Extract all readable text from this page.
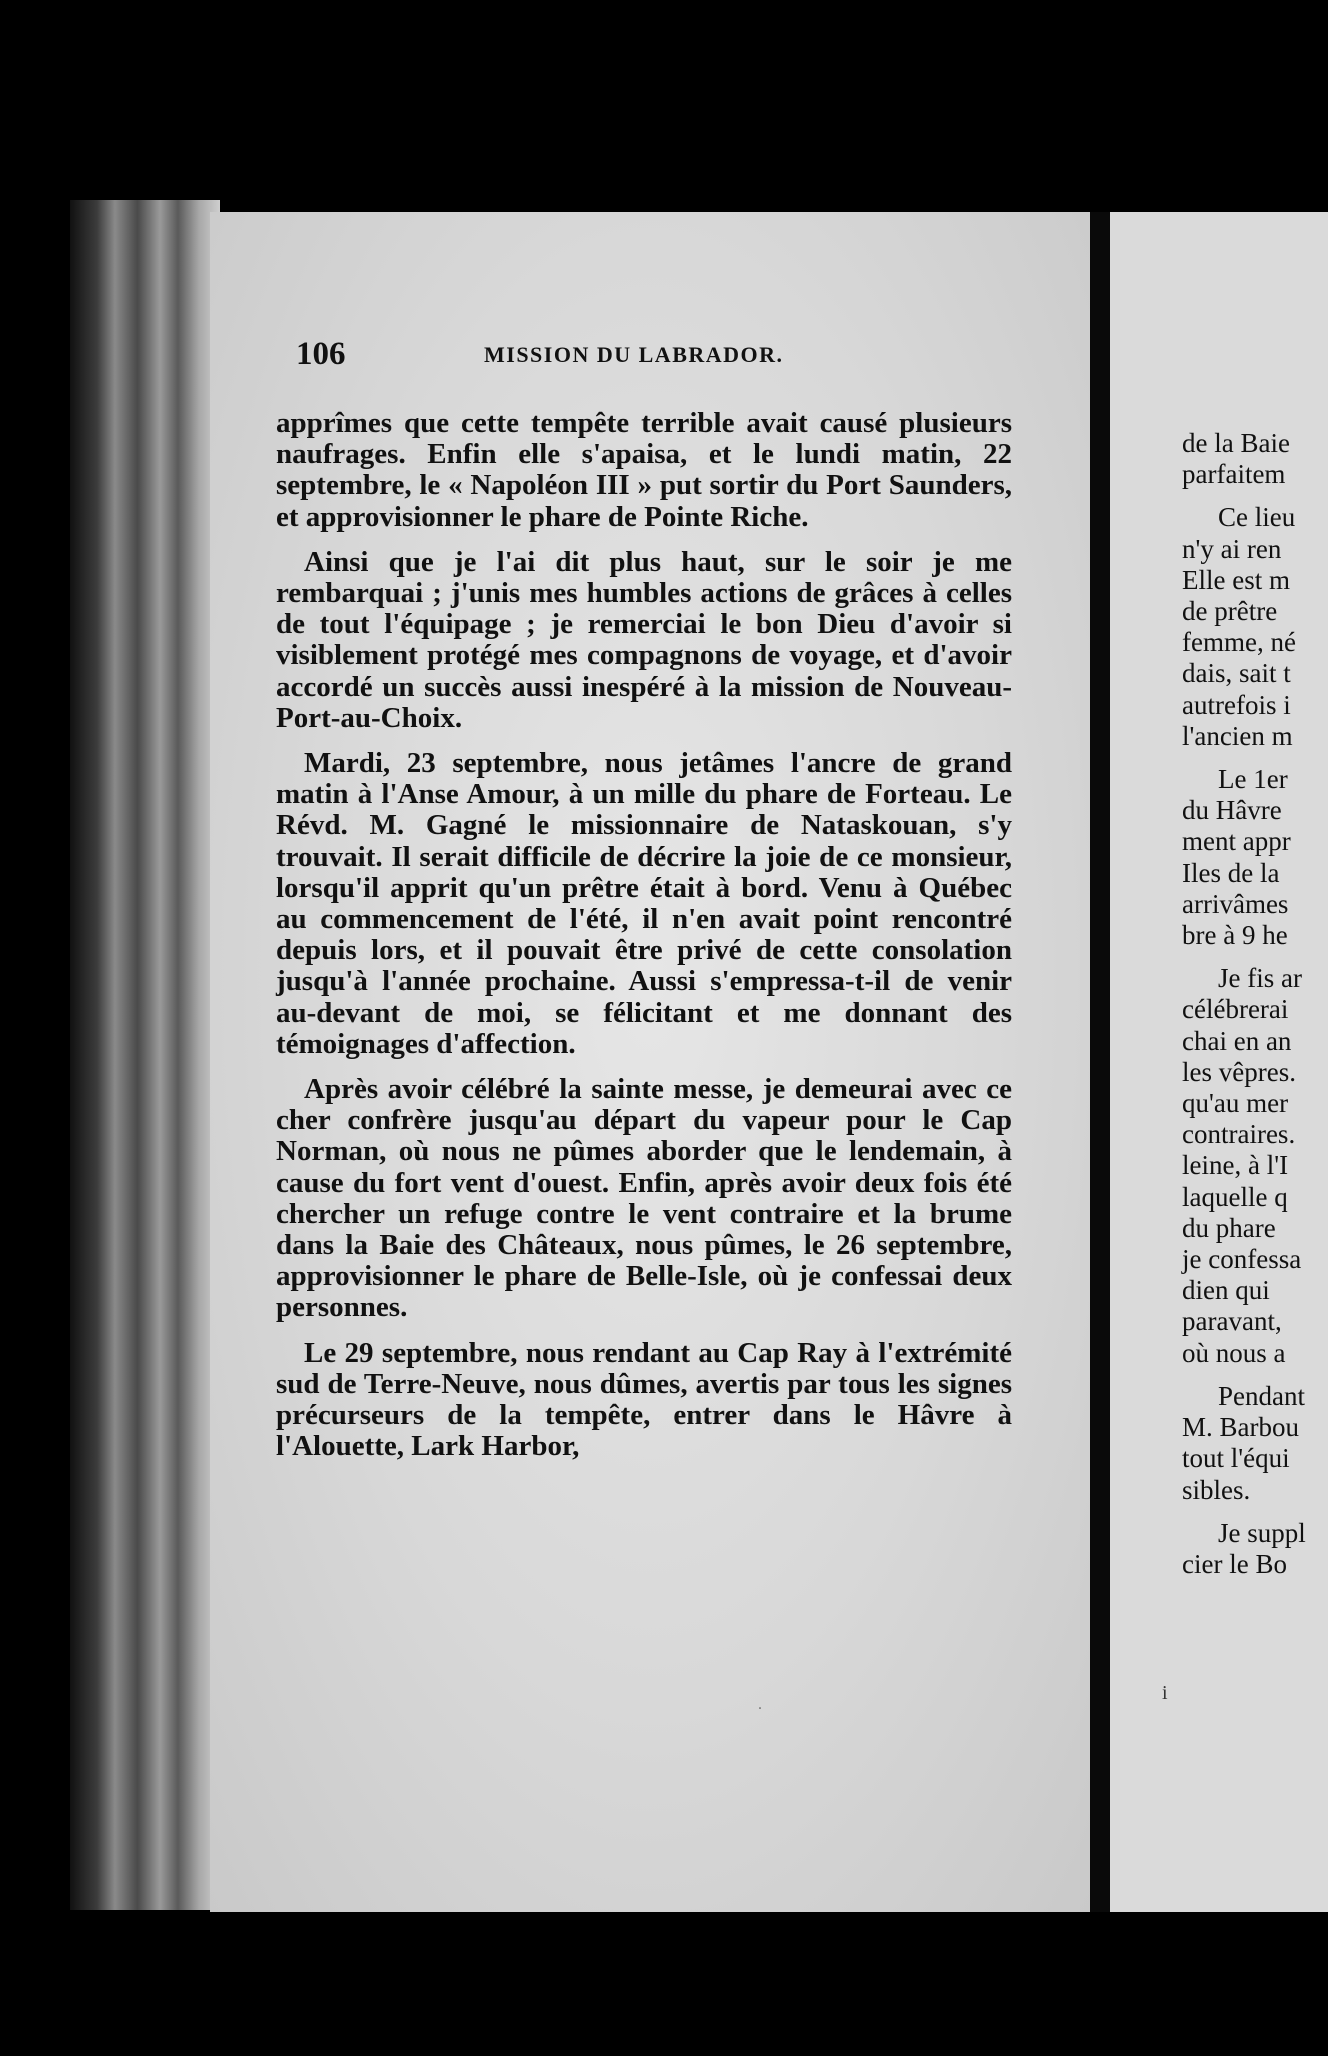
106	MISSION DU LABRADOR.

apprîmes que cette tempête terrible avait causé plusieurs naufrages. Enfin elle s'apaisa, et le lundi matin, 22 septembre, le « Napoléon III » put sortir du Port Saunders, et approvisionner le phare de Pointe Riche.

Ainsi que je l'ai dit plus haut, sur le soir je me rembarquai ; j'unis mes humbles actions de grâces à celles de tout l'équipage ; je remerciai le bon Dieu d'avoir si visiblement protégé mes compagnons de voyage, et d'avoir accordé un succès aussi inespéré à la mission de Nouveau-Port-au-Choix.

Mardi, 23 septembre, nous jetâmes l'ancre de grand matin à l'Anse Amour, à un mille du phare de Forteau. Le Révd. M. Gagné le missionnaire de Nataskouan, s'y trouvait. Il serait difficile de décrire la joie de ce monsieur, lorsqu'il apprit qu'un prêtre était à bord. Venu à Québec au commencement de l'été, il n'en avait point rencontré depuis lors, et il pouvait être privé de cette consolation jusqu'à l'année prochaine. Aussi s'empressa-t-il de venir au-devant de moi, se félicitant et me donnant des témoignages d'affection.

Après avoir célébré la sainte messe, je demeurai avec ce cher confrère jusqu'au départ du vapeur pour le Cap Norman, où nous ne pûmes aborder que le lendemain, à cause du fort vent d'ouest. Enfin, après avoir deux fois été chercher un refuge contre le vent contraire et la brume dans la Baie des Châteaux, nous pûmes, le 26 septembre, approvisionner le phare de Belle-Isle, où je confessai deux personnes.

Le 29 septembre, nous rendant au Cap Ray à l'extrémité sud de Terre-Neuve, nous dûmes, avertis par tous les signes précurseurs de la tempête, entrer dans le Hâvre à l'Alouette, Lark Harbor,

.
de la Baie
parfaitem
Ce lieu
n'y ai ren
Elle est m
de prêtre
femme, né
dais, sait t
autrefois i
l'ancien m
Le 1er
du Hâvre
ment appr
Iles de la
arrivâmes
bre à 9 he
Je fis ar
célébrerai
chai en an
les vêpres.
qu'au mer
contraires.
leine, à l'I
laquelle q
du phare
je confessa
dien qui
paravant,
où nous a
Pendant
M. Barbou
tout l'équi
sibles.
Je suppl
cier le Bo
i
